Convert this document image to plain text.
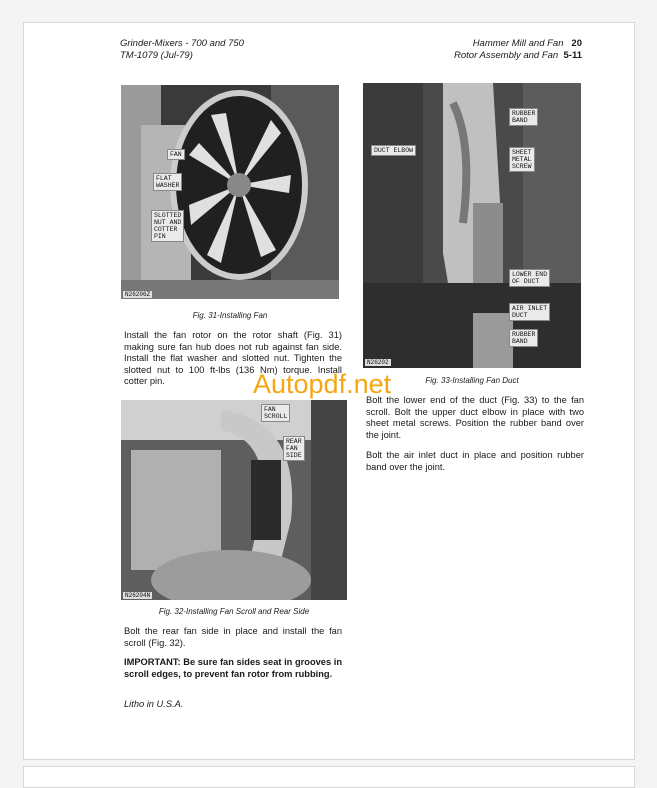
Grinder-Mixers - 700 and 750
TM-1079 (Jul-79)
Hammer Mill and Fan 20
Rotor Assembly and Fan 5-11
FAN
FLAT
WASHER
SLOTTED
NUT AND
COTTER
PIN
N26206Z
Fig. 31-Installing Fan
Install the fan rotor on the rotor shaft (Fig. 31) making sure fan hub does not rub against fan side. Install the flat washer and slotted nut. Tighten the slotted nut to 100 ft-lbs (136 Nm) torque. Install cotter pin.
FAN
SCROLL
REAR
FAN
SIDE
N26204N
Fig. 32-Installing Fan Scroll and Rear Side
Bolt the rear fan side in place and install the fan scroll (Fig. 32).
IMPORTANT: Be sure fan sides seat in grooves in scroll edges, to prevent fan rotor from rubbing.
Litho in U.S.A.
RUBBER
BAND
DUCT ELBOW	SHEET
METAL
SCREW
LOWER END
OF DUCT
AIR INLET
DUCT
RUBBER
BAND
N26202
Fig. 33-Installing Fan Duct
Bolt the lower end of the duct (Fig. 33) to the fan scroll. Bolt the upper duct elbow in place with two sheet metal screws. Position the rubber band over the joint.
Bolt the air inlet duct in place and position rubber band over the joint.
Autopdf.net
